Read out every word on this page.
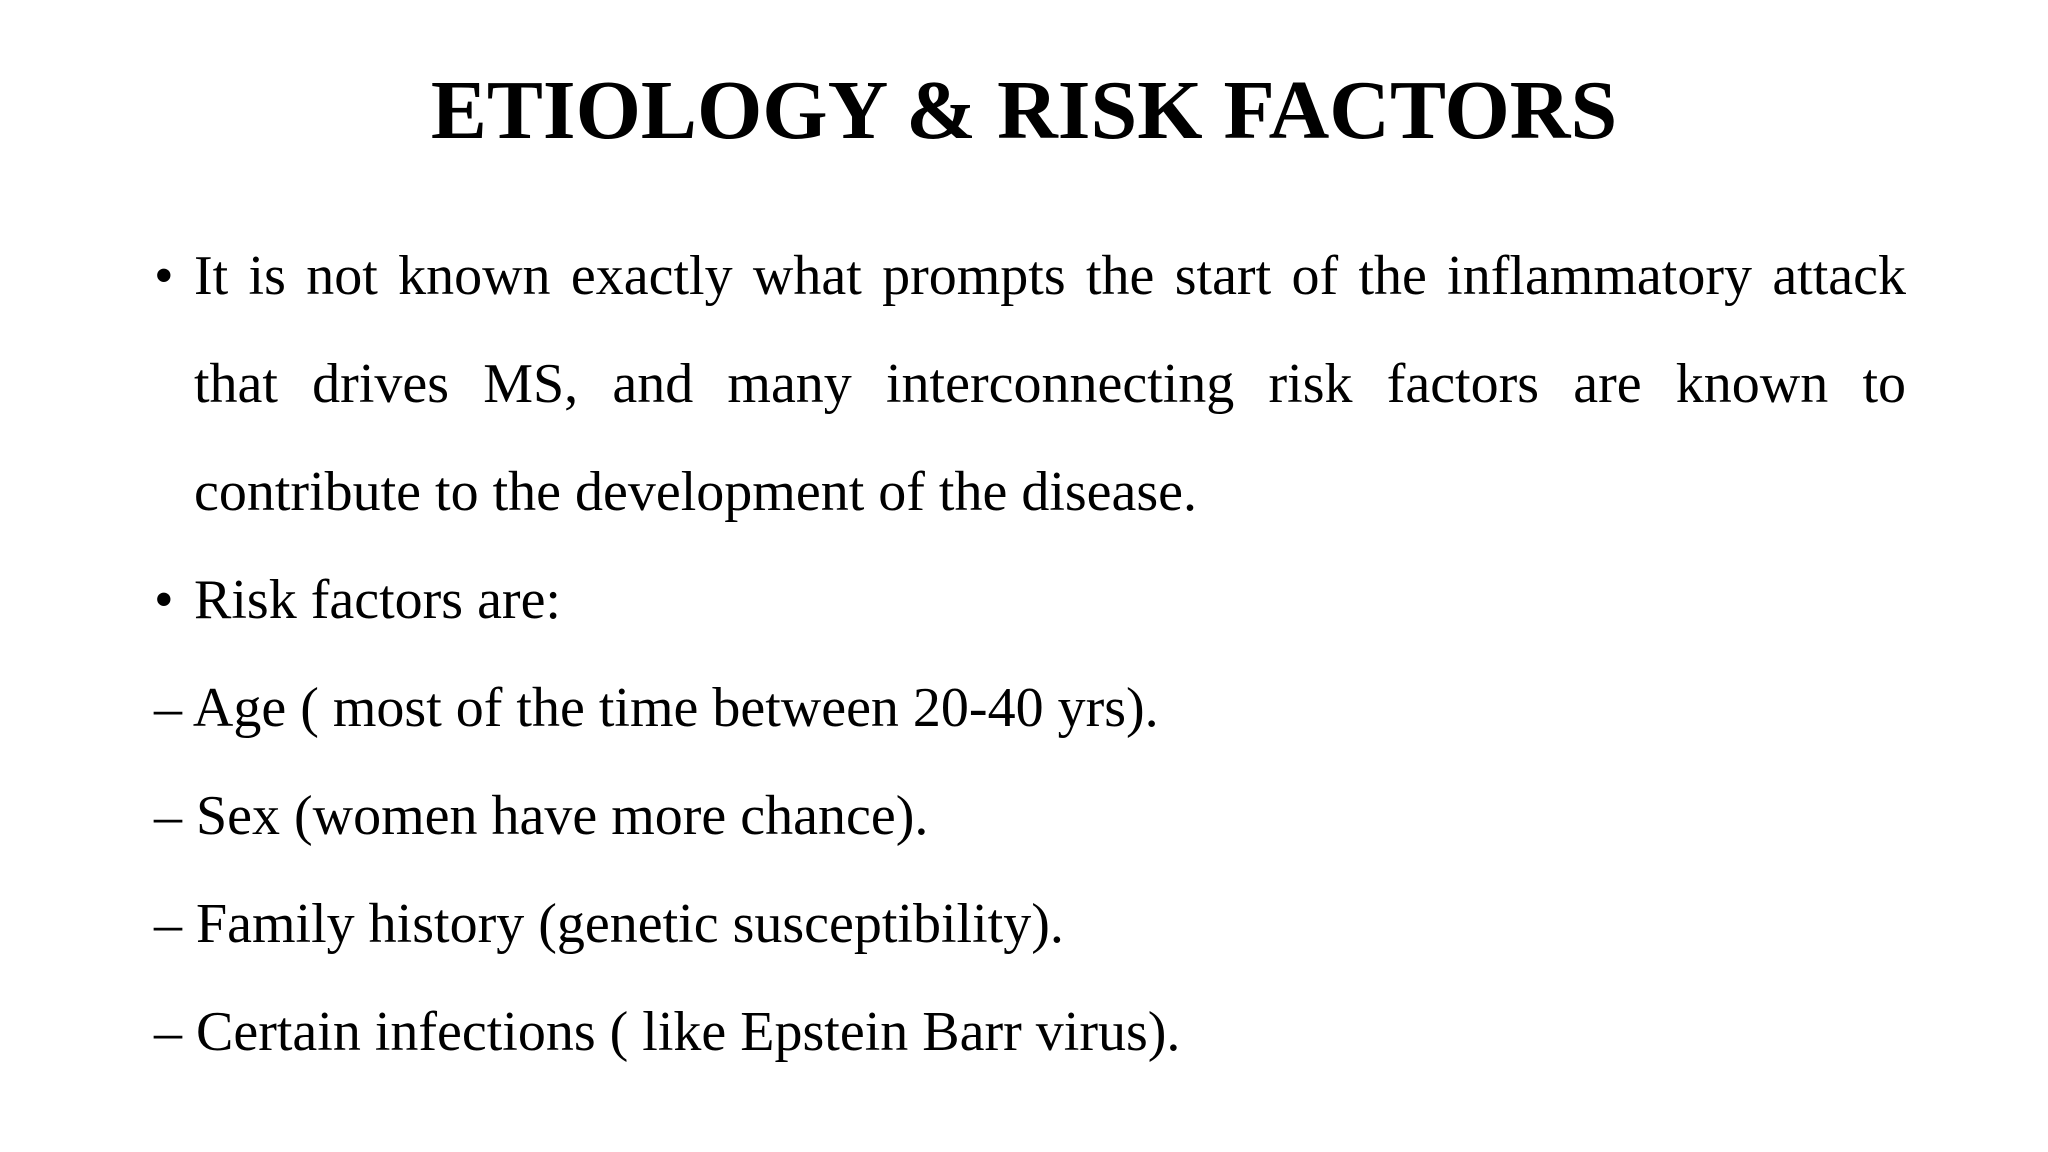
ETIOLOGY & RISK FACTORS

• It is not known exactly what prompts the start of the inflammatory attack that drives MS, and many interconnecting risk factors are known to contribute to the development of the disease.

• Risk factors are:

– Age ( most of the time between 20-40 yrs).

– Sex (women have more chance).

– Family history (genetic susceptibility).

– Certain infections ( like Epstein Barr virus).
